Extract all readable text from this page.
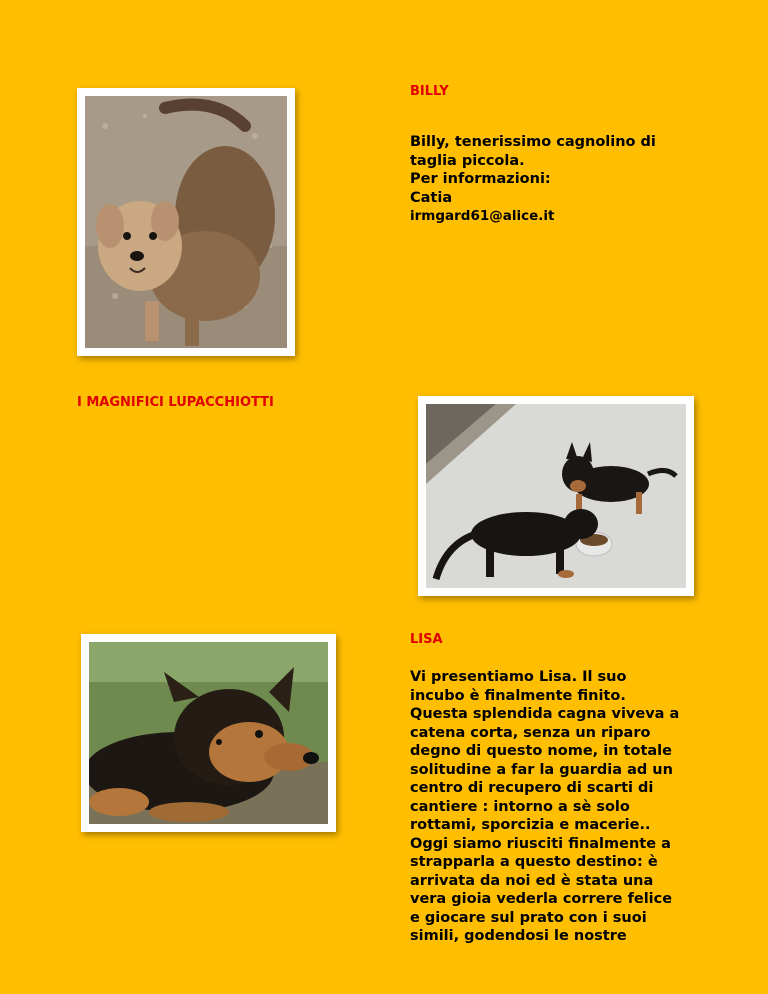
BILLY
Billy, tenerissimo cagnolino di
taglia piccola.
Per informazioni:
Catia
irmgard61@alice.it
I MAGNIFICI LUPACCHIOTTI
LISA
Vi presentiamo Lisa. Il suo
incubo è finalmente finito.
Questa splendida cagna viveva a
catena corta, senza un riparo
degno di questo nome, in totale
solitudine a far la guardia ad un
centro di recupero di scarti di
cantiere : intorno a sè solo
rottami, sporcizia e macerie..
Oggi siamo riusciti finalmente a
strapparla a questo destino: è
arrivata da noi ed è stata una
vera gioia vederla correre felice
e giocare sul prato con i suoi
simili, godendosi le nostre
